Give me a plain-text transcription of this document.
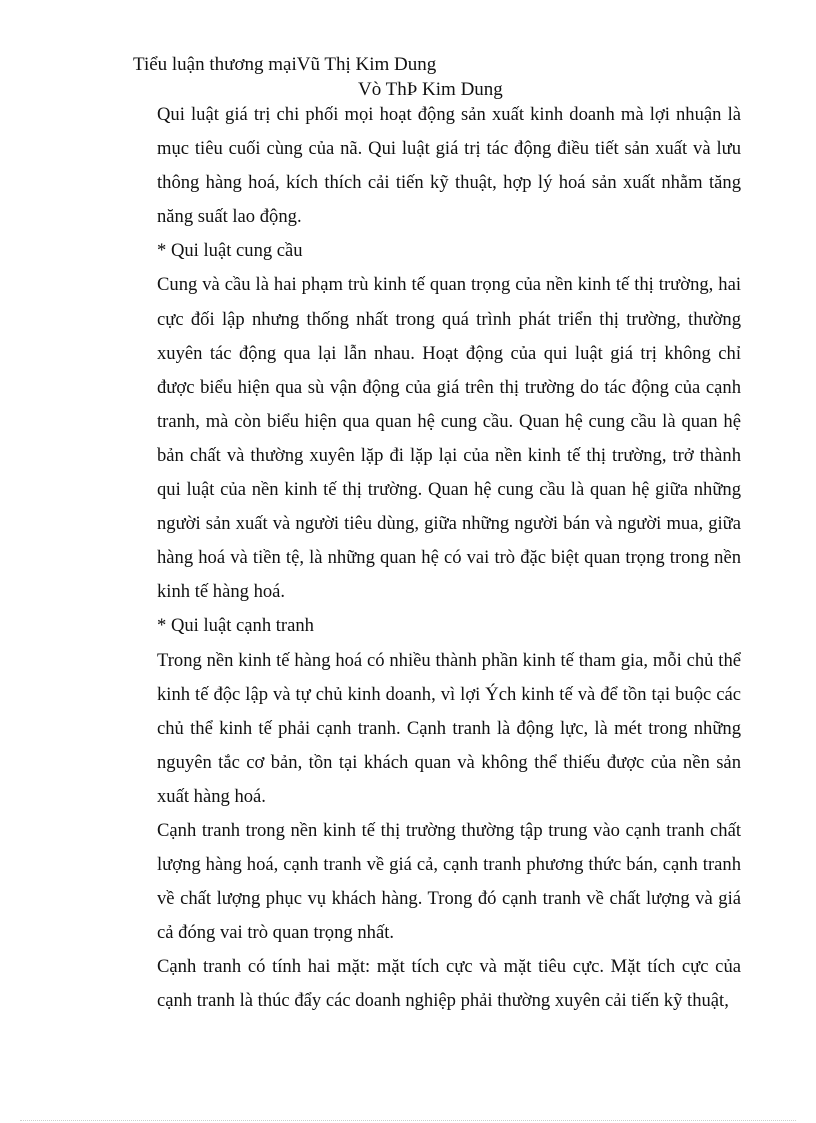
Tiểu luận thương mạiVũ Thị Kim Dung
Vò ThÞ Kim Dung

Qui luật giá trị chi phối mọi hoạt động sản xuất kinh doanh mà lợi nhuận là mục tiêu cuối cùng của nã. Qui luật giá trị tác động điều tiết sản xuất và lưu thông hàng hoá, kích thích cải tiến kỹ thuật, hợp lý hoá sản xuất nhằm tăng năng suất lao động.

* Qui luật cung cầu

Cung và cầu là hai phạm trù kinh tế quan trọng của nền kinh tế thị trường, hai cực đối lập nhưng thống nhất trong quá trình phát triển thị trường, thường xuyên tác động qua lại lẫn nhau. Hoạt động của qui luật giá trị không chỉ được biểu hiện qua sù vận động của giá trên thị trường do tác động của cạnh tranh, mà còn biểu hiện qua quan hệ cung cầu. Quan hệ cung cầu là quan hệ bản chất và thường xuyên lặp đi lặp lại của nền kinh tế thị trường, trở thành qui luật của nền kinh tế thị trường. Quan hệ cung cầu là quan hệ giữa những người sản xuất và người tiêu dùng, giữa những người bán và người mua, giữa hàng hoá và tiền tệ, là những quan hệ có vai trò đặc biệt quan trọng trong nền kinh tế hàng hoá.

* Qui luật cạnh tranh

Trong nền kinh tế hàng hoá có nhiều thành phần kinh tế tham gia, mỗi chủ thể kinh tế độc lập và tự chủ kinh doanh, vì lợi Ých kinh tế và để tồn tại buộc các chủ thể kinh tế phải cạnh tranh. Cạnh tranh là động lực, là mét trong những nguyên tắc cơ bản, tồn tại khách quan và không thể thiếu được của nền sản xuất hàng hoá.

Cạnh tranh trong nền kinh tế thị trường thường tập trung vào cạnh tranh chất lượng hàng hoá, cạnh tranh về giá cả, cạnh tranh phương thức bán, cạnh tranh về chất lượng phục vụ khách hàng. Trong đó cạnh tranh về chất lượng và giá cả đóng vai trò quan trọng nhất.

Cạnh tranh có tính hai mặt: mặt tích cực và mặt tiêu cực. Mặt tích cực của cạnh tranh là thúc đẩy các doanh nghiệp phải thường xuyên cải tiến kỹ thuật,
